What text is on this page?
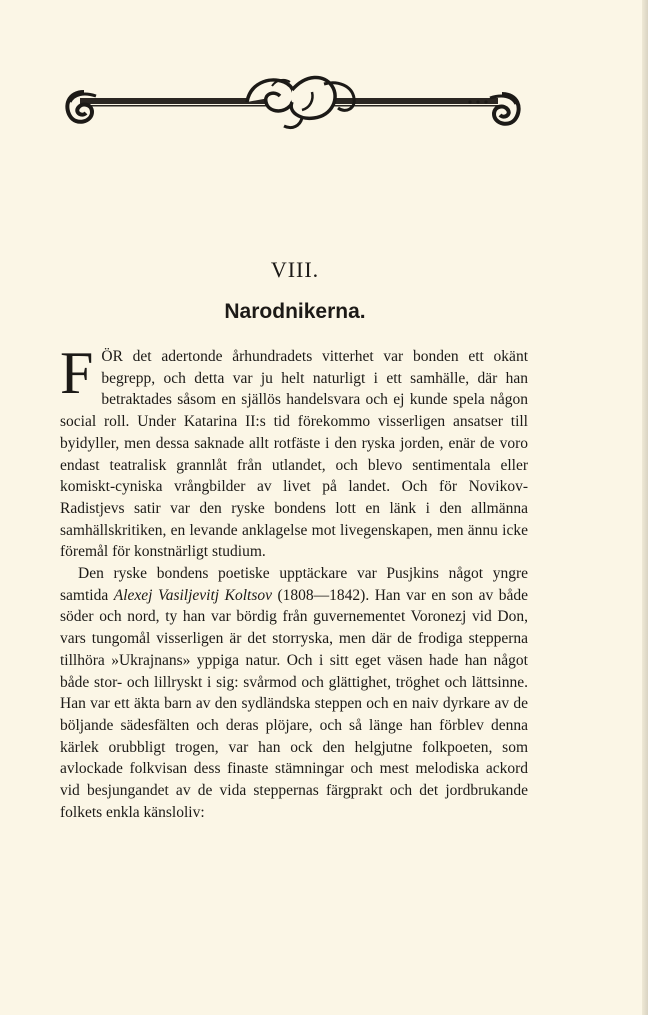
VIII.
Narodnikerna.

FÖR det adertonde århundradets vitterhet var bonden ett okänt begrepp, och detta var ju helt naturligt i ett samhälle, där han betraktades såsom en själlös handelsvara och ej kunde spela någon social roll. Under Katarina II:s tid förekommo visserligen ansatser till byidyller, men dessa saknade allt rotfäste i den ryska jorden, enär de voro endast teatralisk grannlåt från utlandet, och blevo sentimentala eller komiskt-cyniska vrångbilder av livet på landet. Och för Novikov-Radistjevs satir var den ryske bondens lott en länk i den allmänna samhällskritiken, en levande anklagelse mot livegenskapen, men ännu icke föremål för konstnärligt studium.

Den ryske bondens poetiske upptäckare var Pusjkins något yngre samtida Alexej Vasiljevitj Koltsov (1808—1842). Han var en son av både söder och nord, ty han var bördig från guvernementet Voronezj vid Don, vars tungomål visserligen är det storryska, men där de frodiga stepperna tillhöra »Ukrajnans» yppiga natur. Och i sitt eget väsen hade han något både stor- och lillryskt i sig: svårmod och glättighet, tröghet och lättsinne. Han var ett äkta barn av den sydländska steppen och en naiv dyrkare av de böljande sädesfälten och deras plöjare, och så länge han förblev denna kärlek orubbligt trogen, var han ock den helgjutne folkpoeten, som avlockade folkvisan dess finaste stämningar och mest melodiska ackord vid besjungandet av de vida steppernas färgprakt och det jordbrukande folkets enkla känsloliv:
